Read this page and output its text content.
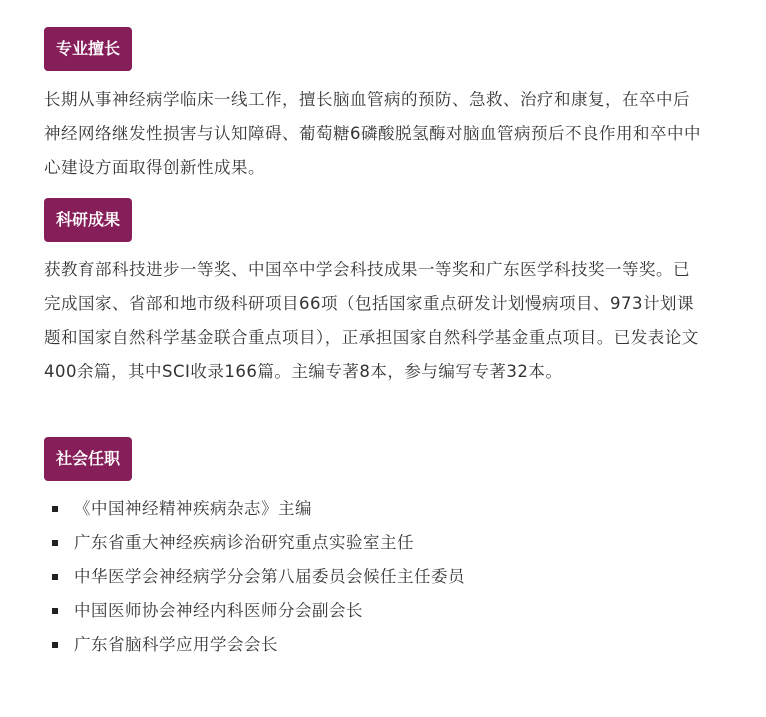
专业擅长

长期从事神经病学临床一线工作，擅长脑血管病的预防、急救、治疗和康复，在卒中后神经网络继发性损害与认知障碍、葡萄糖6磷酸脱氢酶对脑血管病预后不良作用和卒中中心建设方面取得创新性成果。

科研成果

获教育部科技进步一等奖、中国卒中学会科技成果一等奖和广东医学科技奖一等奖。已完成国家、省部和地市级科研项目66项（包括国家重点研发计划慢病项目、973计划课题和国家自然科学基金联合重点项目），正承担国家自然科学基金重点项目。已发表论文400余篇，其中SCI收录166篇。主编专著8本，参与编写专著32本。

社会任职
《中国神经精神疾病杂志》主编
广东省重大神经疾病诊治研究重点实验室主任
中华医学会神经病学分会第八届委员会候任主任委员
中国医师协会神经内科医师分会副会长
广东省脑科学应用学会会长
